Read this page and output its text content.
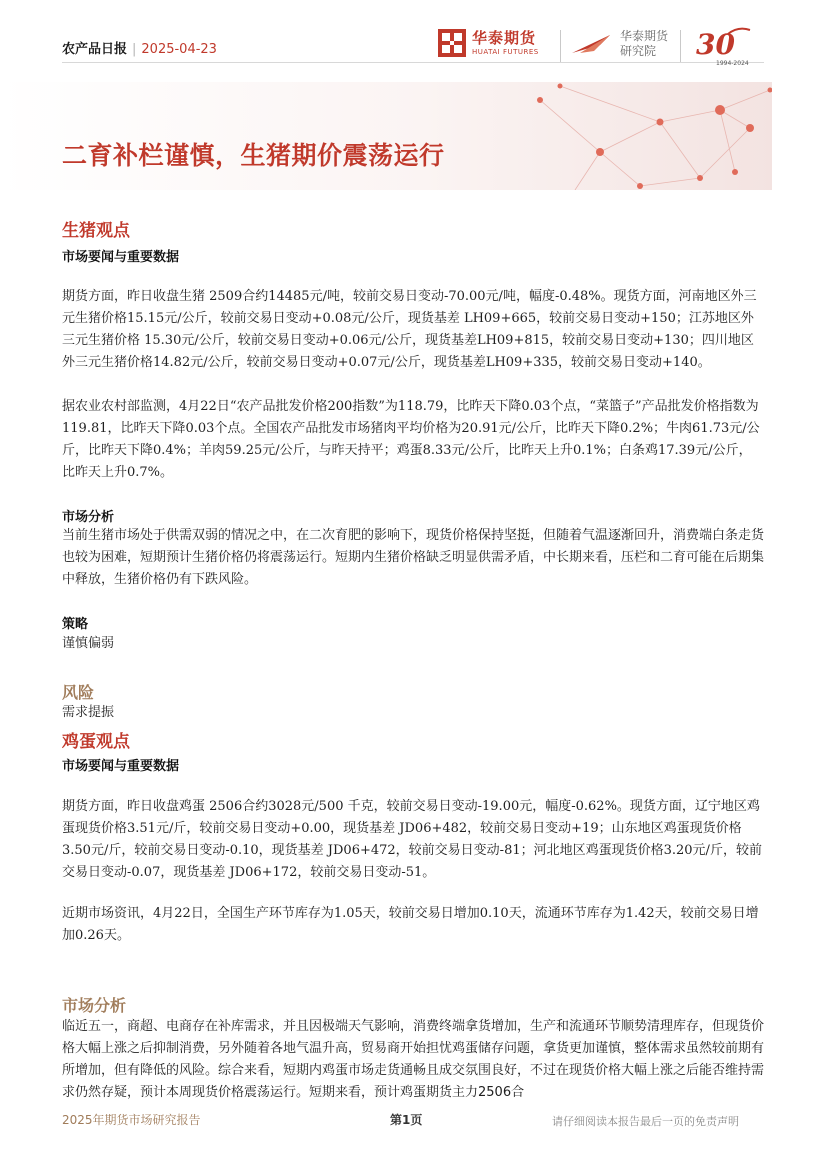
农产品日报 | 2025-04-23
华泰期货
HUATAI FUTURES
华泰期货
研究院	30
1994-2024
二育补栏谨慎，生猪期价震荡运行
生猪观点
市场要闻与重要数据
期货方面，昨日收盘生猪 2509合约14485元/吨，较前交易日变动-70.00元/吨，幅度-0.48%。现货方面，河南地区外三元生猪价格15.15元/公斤，较前交易日变动+0.08元/公斤，现货基差 LH09+665，较前交易日变动+150；江苏地区外三元生猪价格 15.30元/公斤，较前交易日变动+0.06元/公斤，现货基差LH09+815，较前交易日变动+130；四川地区外三元生猪价格14.82元/公斤，较前交易日变动+0.07元/公斤，现货基差LH09+335，较前交易日变动+140。
据农业农村部监测，4月22日“农产品批发价格200指数”为118.79，比昨天下降0.03个点，“菜篮子”产品批发价格指数为119.81，比昨天下降0.03个点。全国农产品批发市场猪肉平均价格为20.91元/公斤，比昨天下降0.2%；牛肉61.73元/公斤，比昨天下降0.4%；羊肉59.25元/公斤，与昨天持平；鸡蛋8.33元/公斤，比昨天上升0.1%；白条鸡17.39元/公斤，比昨天上升0.7%。
市场分析
当前生猪市场处于供需双弱的情况之中，在二次育肥的影响下，现货价格保持坚挺，但随着气温逐渐回升，消费端白条走货也较为困难，短期预计生猪价格仍将震荡运行。短期内生猪价格缺乏明显供需矛盾，中长期来看，压栏和二育可能在后期集中释放，生猪价格仍有下跌风险。
策略
谨慎偏弱
风险
需求提振
鸡蛋观点
市场要闻与重要数据
期货方面，昨日收盘鸡蛋 2506合约3028元/500 千克，较前交易日变动-19.00元，幅度-0.62%。现货方面，辽宁地区鸡蛋现货价格3.51元/斤，较前交易日变动+0.00，现货基差 JD06+482，较前交易日变动+19；山东地区鸡蛋现货价格3.50元/斤，较前交易日变动-0.10，现货基差 JD06+472，较前交易日变动-81；河北地区鸡蛋现货价格3.20元/斤，较前交易日变动-0.07，现货基差 JD06+172，较前交易日变动-51。
近期市场资讯，4月22日，全国生产环节库存为1.05天，较前交易日增加0.10天，流通环节库存为1.42天，较前交易日增加0.26天。
市场分析
临近五一，商超、电商存在补库需求，并且因极端天气影响，消费终端拿货增加，生产和流通环节顺势清理库存，但现货价格大幅上涨之后抑制消费，另外随着各地气温升高，贸易商开始担忧鸡蛋储存问题，拿货更加谨慎，整体需求虽然较前期有所增加，但有降低的风险。综合来看，短期内鸡蛋市场走货通畅且成交氛围良好，不过在现货价格大幅上涨之后能否维持需求仍然存疑，预计本周现货价格震荡运行。短期来看，预计鸡蛋期货主力2506合
2025年期货市场研究报告	第1页	请仔细阅读本报告最后一页的免责声明
